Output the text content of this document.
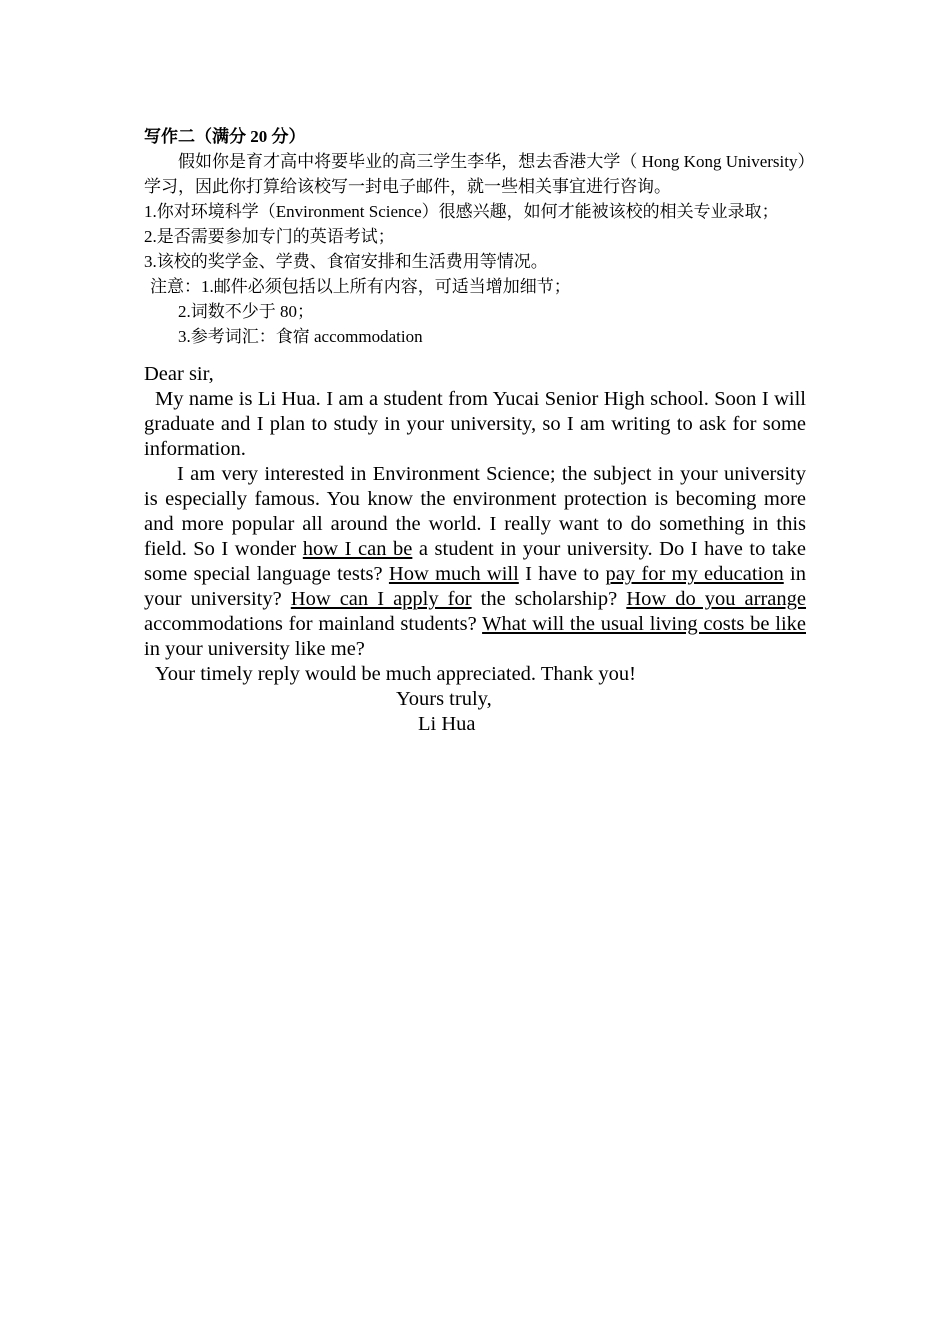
写作二（满分 20 分）
假如你是育才高中将要毕业的高三学生李华，想去香港大学（ Hong Kong University）学习，因此你打算给该校写一封电子邮件，就一些相关事宜进行咨询。
1.你对环境科学（Environment Science）很感兴趣，如何才能被该校的相关专业录取；
2.是否需要参加专门的英语考试；
3.该校的奖学金、学费、食宿安排和生活费用等情况。
注意：1.邮件必须包括以上所有内容，可适当增加细节；
2.词数不少于 80；
3.参考词汇：食宿 accommodation
Dear sir,

My name is Li Hua. I am a student from Yucai Senior High school. Soon I will graduate and I plan to study in your university, so I am writing to ask for some information.

I am very interested in Environment Science; the subject in your university is especially famous. You know the environment protection is becoming more and more popular all around the world. I really want to do something in this field. So I wonder how I can be a student in your university. Do I have to take some special language tests? How much will I have to pay for my education in your university? How can I apply for the scholarship? How do you arrange accommodations for mainland students? What will the usual living costs be like in your university like me?

Your timely reply would be much appreciated. Thank you!

Yours truly,
Li Hua
